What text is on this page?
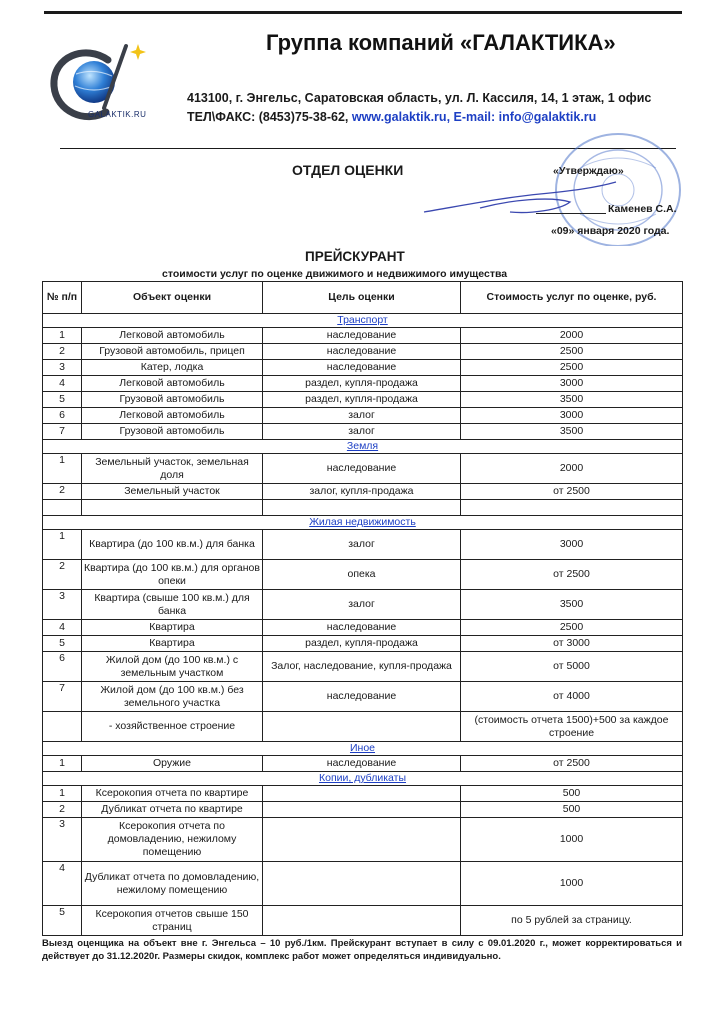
GALAKTIK.RU
Группа компаний «ГАЛАКТИКА»
413100, г. Энгельс, Саратовская область, ул. Л. Кассиля, 14, 1 этаж, 1 офис
ТЕЛ\ФАКС: (8453)75-38-62, www.galaktik.ru, E-mail: info@galaktik.ru
ОТДЕЛ ОЦЕНКИ	«Утверждаю»
Каменев С.А.
«09» января 2020 года.
ПРЕЙСКУРАНТ
стоимости услуг по оценке движимого и недвижимого имущества
№ п/п	Объект оценки	Цель оценки	Стоимость услуг по оценке, руб.
Транспорт			
1	Легковой автомобиль	наследование	2000
2	Грузовой автомобиль, прицеп	наследование	2500
3	Катер, лодка	наследование	2500
4	Легковой автомобиль	раздел, купля-продажа	3000
5	Грузовой автомобиль	раздел, купля-продажа	3500
6	Легковой автомобиль	залог	3000
7	Грузовой автомобиль	залог	3500
Земля			
1	Земельный участок, земельная доля	наследование	2000
2	Земельный участок	залог, купля-продажа	от 2500

Жилая недвижимость			
1	Квартира (до 100 кв.м.) для банка	залог	3000
2	Квартира (до 100 кв.м.) для органов опеки	опека	от 2500
3	Квартира (свыше 100 кв.м.) для банка	залог	3500
4	Квартира	наследование	2500
5	Квартира	раздел, купля-продажа	от 3000
6	Жилой дом (до 100 кв.м.) с земельным участком	Залог, наследование, купля-продажа	от 5000
7	Жилой дом (до 100 кв.м.) без земельного участка	наследование	от 4000
	- хозяйственное строение		(стоимость отчета 1500)+500 за каждое строение
Иное			
1	Оружие	наследование	от 2500
Копии, дубликаты			
1	Ксерокопия отчета по квартире		500
2	Дубликат отчета по квартире		500
3	Ксерокопия отчета по домовладению, нежилому помещению		1000
4	Дубликат отчета по домовладению, нежилому помещению		1000
5	Ксерокопия отчетов свыше 150 страниц		по 5 рублей за страницу.
Выезд оценщика на объект вне г. Энгельса – 10 руб./1км. Прейскурант вступает в силу с 09.01.2020 г., может корректироваться и действует до 31.12.2020г. Размеры скидок, комплекс работ может определяться индивидуально.
